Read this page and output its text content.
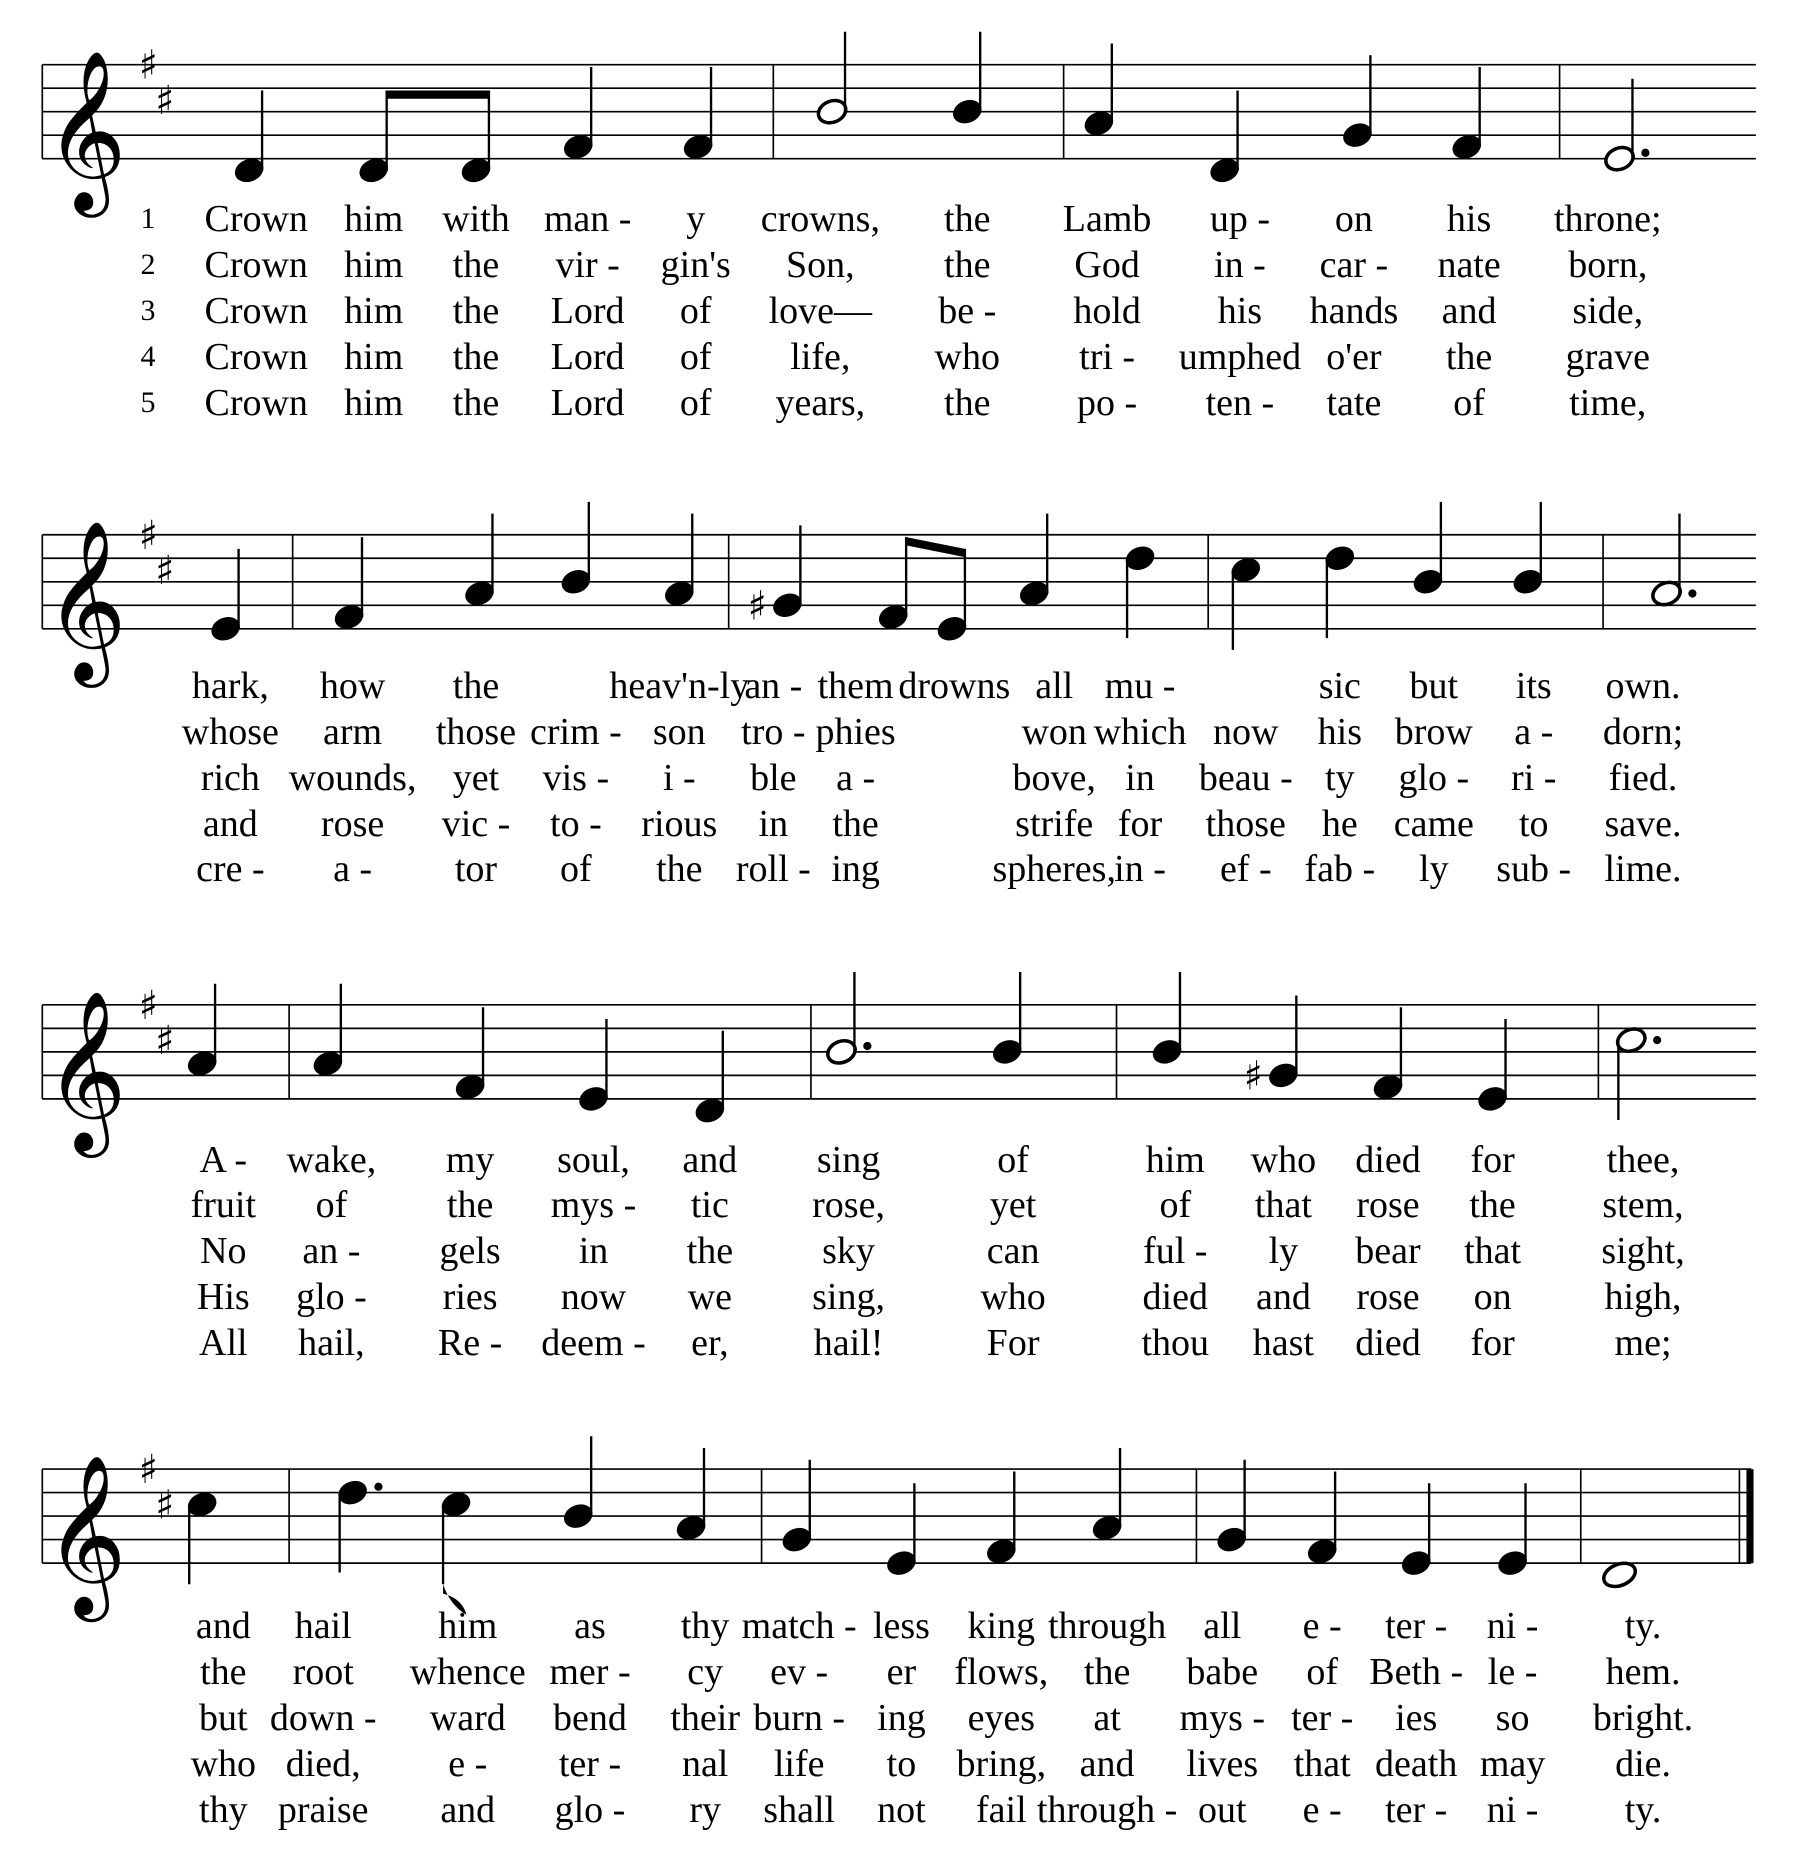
𝄞 ♯
♯
1 Crown him with man - y crowns, the Lamb up - on his throne;
2 Crown him the vir - gin's Son, the God in - car - nate born,
3 Crown him the Lord of love— be - hold his hands and side,
4 Crown him the Lord of life, who tri - umphed o'er the grave
5 Crown him the Lord of years, the po - ten - tate of time,
𝄞 ♯
♯
♯
hark, how the	heav'n-ly
an - them drowns all mu -	sic but its own.
whose arm those crim - son tro - phies	won which now his brow a - dorn;
rich wounds, yet vis - i - ble a -	bove, in beau - ty glo - ri - fied.
and rose vic - to - rious in the	strife for those he came to save.
cre - a - tor of the roll - ing	spheres,
in - ef - fab - ly sub - lime.
𝄞 ♯
♯
♯
A - wake, my soul, and sing	of	him who died for thee,
fruit of	the mys - tic rose,	yet	of that rose the stem,
No an - gels in the sky	can	ful - ly bear that sight,
His glo - ries now we sing,	who	died and rose on high,
All hail, Re - deem - er, hail!	For	thou hast died for	me;
𝄞 ♯
♯
and hail him as thy match - less king through all e - ter - ni - ty.
the root whence mer - cy ev - er flows, the babe of Beth - le - hem.
but down - ward bend their burn - ing eyes at mys - ter - ies so bright.
who died, e - ter - nal life to bring, and lives that death may die.
thy praise and glo - ry shall not fail through - out e - ter - ni - ty.
